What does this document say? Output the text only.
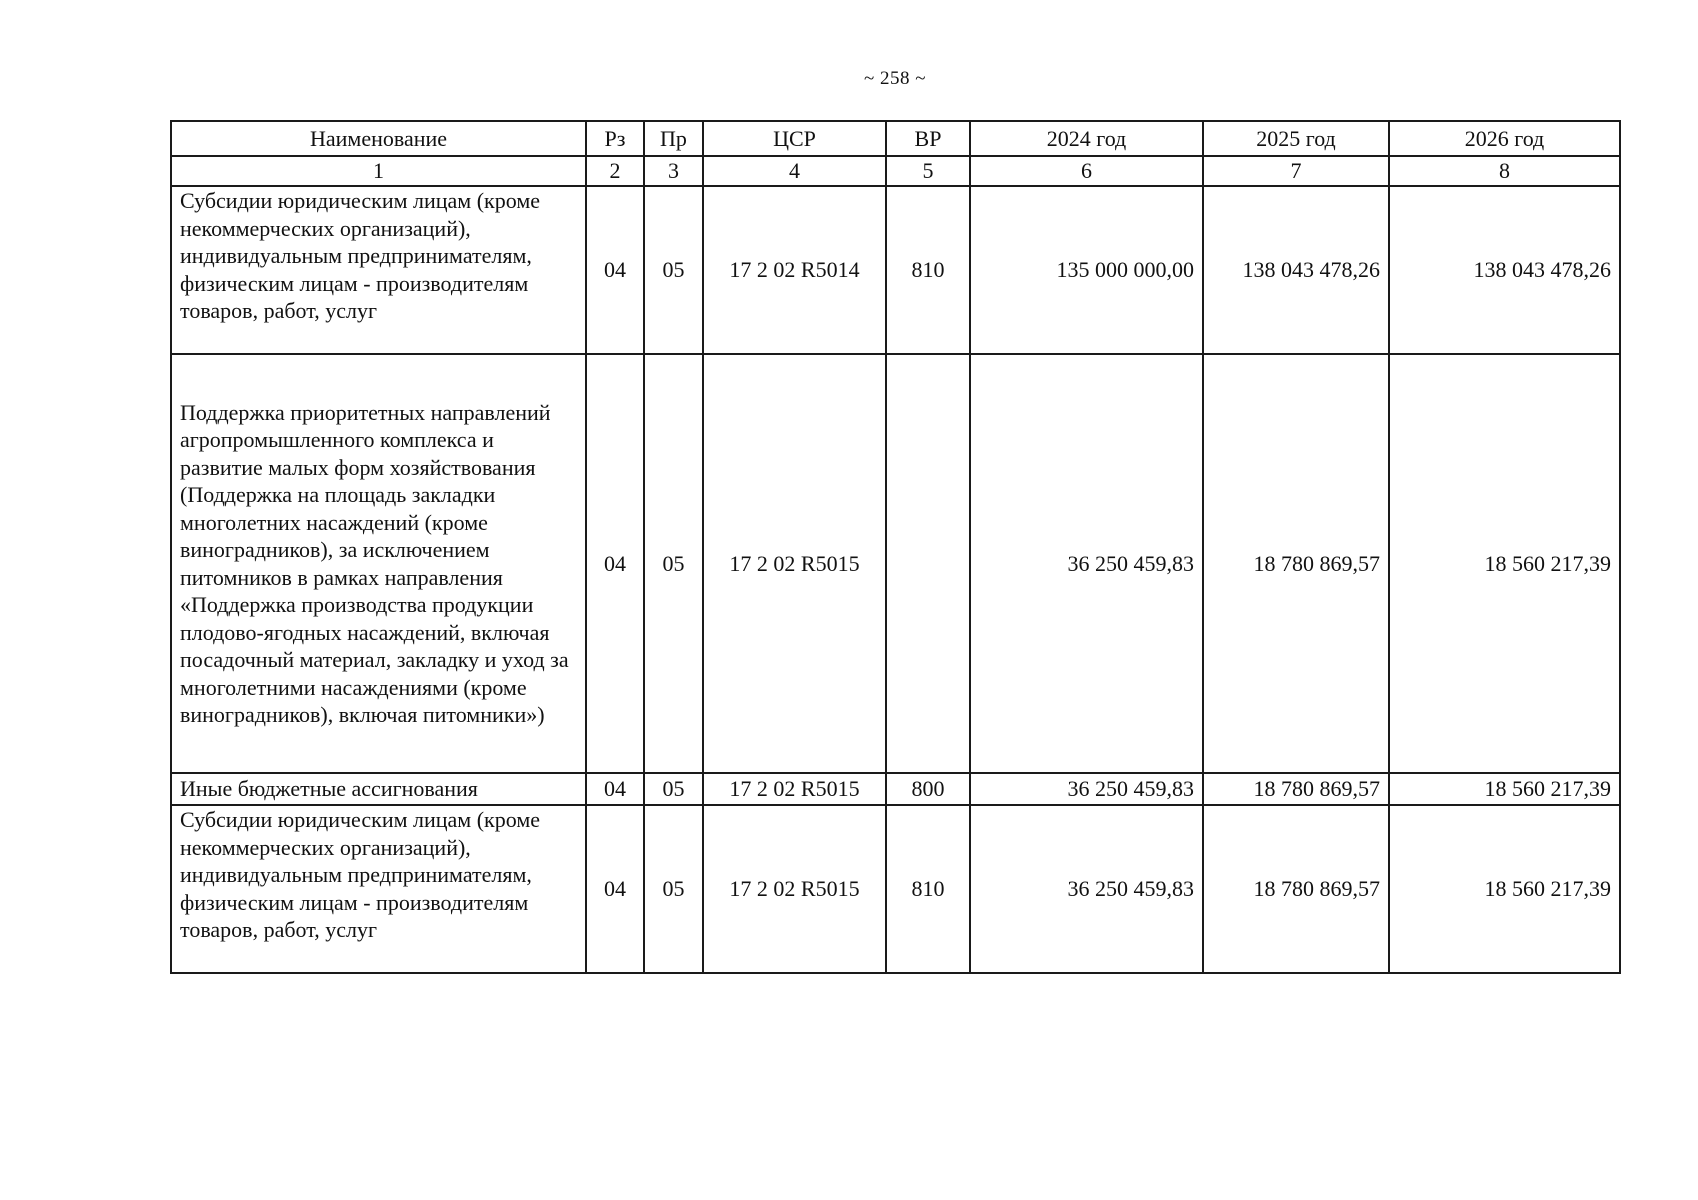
~ 258 ~
Наименование	Рз	Пр	ЦСР	ВР	2024 год	2025 год	2026 год
1	2	3	4	5	6	7	8
Субсидии юридическим лицам (кроме некоммерческих организаций), индивидуальным предпринимателям, физическим лицам - производителям товаров, работ, услуг	04	05	17 2 02 R5014	810	135 000 000,00	138 043 478,26	138 043 478,26
Поддержка приоритетных направлений агропромышленного комплекса и развитие малых форм хозяйствования (Поддержка на площадь закладки многолетних насаждений (кроме виноградников), за исключением питомников в рамках направления «Поддержка производства продукции плодово-ягодных насаждений, включая посадочный материал, закладку и уход за многолетними насаждениями (кроме виноградников), включая питомники»)	04	05	17 2 02 R5015		36 250 459,83	18 780 869,57	18 560 217,39
Иные бюджетные ассигнования	04	05	17 2 02 R5015	800	36 250 459,83	18 780 869,57	18 560 217,39
Субсидии юридическим лицам (кроме некоммерческих организаций), индивидуальным предпринимателям, физическим лицам - производителям товаров, работ, услуг	04	05	17 2 02 R5015	810	36 250 459,83	18 780 869,57	18 560 217,39
